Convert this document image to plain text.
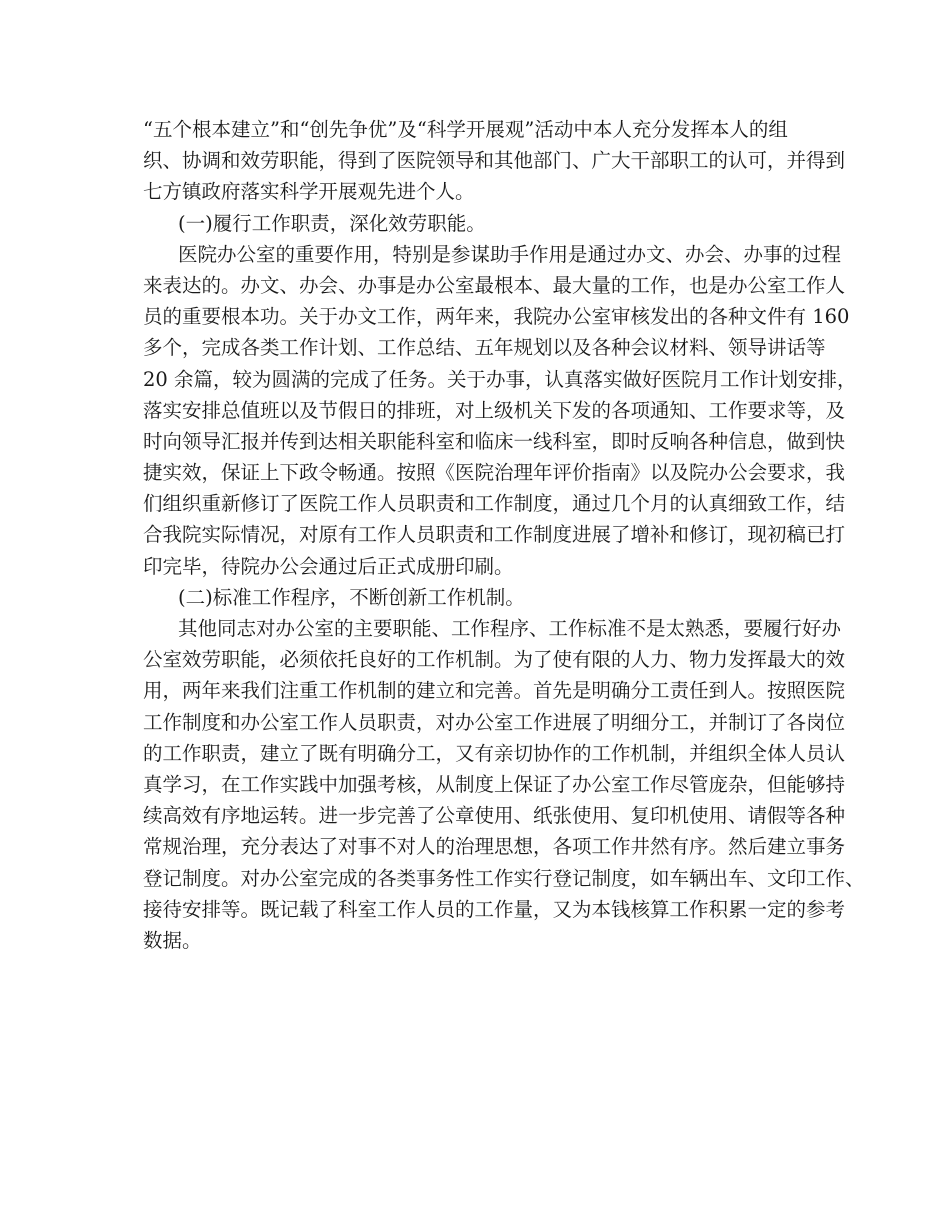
“五个根本建立”和“创先争优”及“科学开展观”活动中本人充分发挥本人的组
织、协调和效劳职能，得到了医院领导和其他部门、广大干部职工的认可，并得到
七方镇政府落实科学开展观先进个人。
(一)履行工作职责，深化效劳职能。
医院办公室的重要作用，特别是参谋助手作用是通过办文、办会、办事的过程
来表达的。办文、办会、办事是办公室最根本、最大量的工作，也是办公室工作人
员的重要根本功。关于办文工作，两年来，我院办公室审核发出的各种文件有 160
多个，完成各类工作计划、工作总结、五年规划以及各种会议材料、领导讲话等
20 余篇，较为圆满的完成了任务。关于办事，认真落实做好医院月工作计划安排，
落实安排总值班以及节假日的排班，对上级机关下发的各项通知、工作要求等，及
时向领导汇报并传到达相关职能科室和临床一线科室，即时反响各种信息，做到快
捷实效，保证上下政令畅通。按照《医院治理年评价指南》以及院办公会要求，我
们组织重新修订了医院工作人员职责和工作制度，通过几个月的认真细致工作，结
合我院实际情况，对原有工作人员职责和工作制度进展了增补和修订，现初稿已打
印完毕，待院办公会通过后正式成册印刷。
(二)标准工作程序，不断创新工作机制。
其他同志对办公室的主要职能、工作程序、工作标准不是太熟悉，要履行好办
公室效劳职能，必须依托良好的工作机制。为了使有限的人力、物力发挥最大的效
用，两年来我们注重工作机制的建立和完善。首先是明确分工责任到人。按照医院
工作制度和办公室工作人员职责，对办公室工作进展了明细分工，并制订了各岗位
的工作职责，建立了既有明确分工，又有亲切协作的工作机制，并组织全体人员认
真学习，在工作实践中加强考核，从制度上保证了办公室工作尽管庞杂，但能够持
续高效有序地运转。进一步完善了公章使用、纸张使用、复印机使用、请假等各种
常规治理，充分表达了对事不对人的治理思想，各项工作井然有序。然后建立事务
登记制度。对办公室完成的各类事务性工作实行登记制度，如车辆出车、文印工作、
接待安排等。既记载了科室工作人员的工作量，又为本钱核算工作积累一定的参考
数据。
